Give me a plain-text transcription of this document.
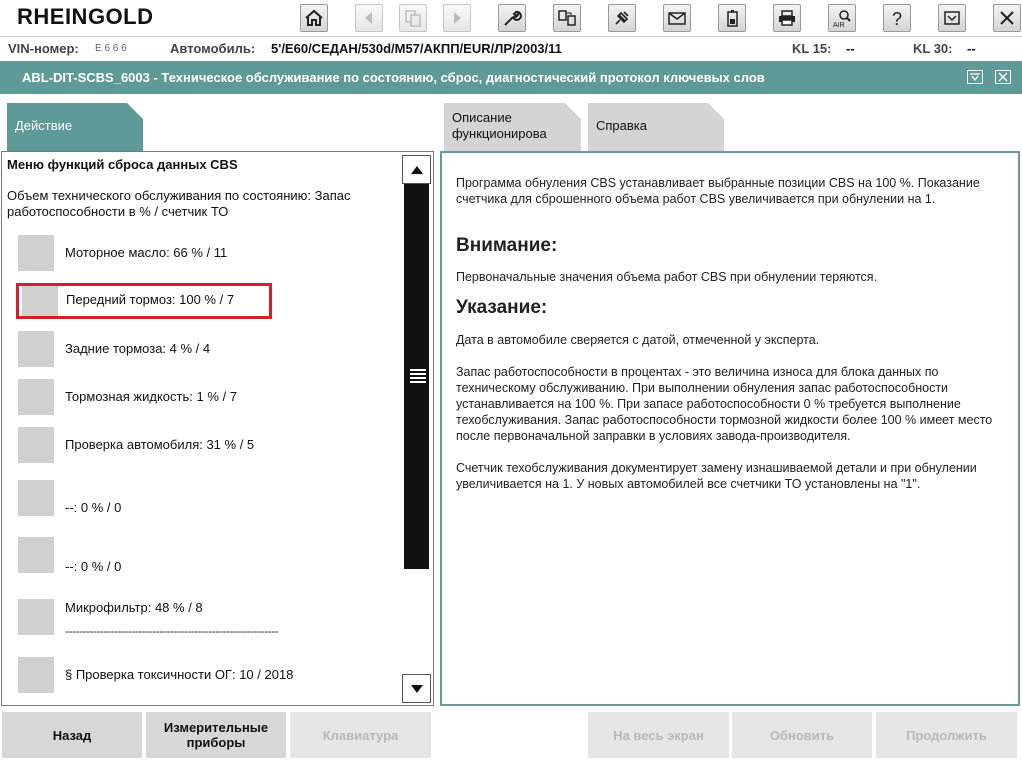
RHEINGOLD	AIR	?
VIN-номер: E 6 6 6	Автомобиль: 5'/E60/СЕДАН/530d/M57/АКПП/EUR/ЛР/2003/11	KL 15: --	KL 30: --
ABL-DIT-SCBS_6003 - Техническое обслуживание по состоянию, сброс, диагностический протокол ключевых слов
Действие
Описание
функционирова
Справка
Меню функций сброса данных CBS
Объем технического обслуживания по состоянию: Запас работоспособности в % / счетчик ТО
Моторное масло: 66 % / 11
Передний тормоз: 100 % / 7
Задние тормоза: 4 % / 4
Тормозная жидкость: 1 % / 7
Проверка автомобиля: 31 % / 5
--: 0 % / 0
--: 0 % / 0
Микрофильтр: 48 % / 8
-------------------------------------------------------------
§ Проверка токсичности ОГ: 10 / 2018
Программа обнуления CBS устанавливает выбранные позиции CBS на 100 %. Показание счетчика для сброшенного объема работ CBS увеличивается при обнулении на 1.
Внимание:
Первоначальные значения объема работ CBS при обнулении теряются.
Указание:
Дата в автомобиле сверяется с датой, отмеченной у эксперта.
Запас работоспособности в процентах - это величина износа для блока данных по техническому обслуживанию. При выполнении обнуления запас работоспособности устанавливается на 100 %. При запасе работоспособности 0 % требуется выполнение техобслуживания. Запас работоспособности тормозной жидкости более 100 % имеет место после первоначальной заправки в условиях завода-производителя.
Счетчик техобслуживания документирует замену изнашиваемой детали и при обнулении увеличивается на 1. У новых автомобилей все счетчики ТО установлены на "1".
Назад	Измерительные
приборы	Клавиатура	На весь экран	Обновить	Продолжить
